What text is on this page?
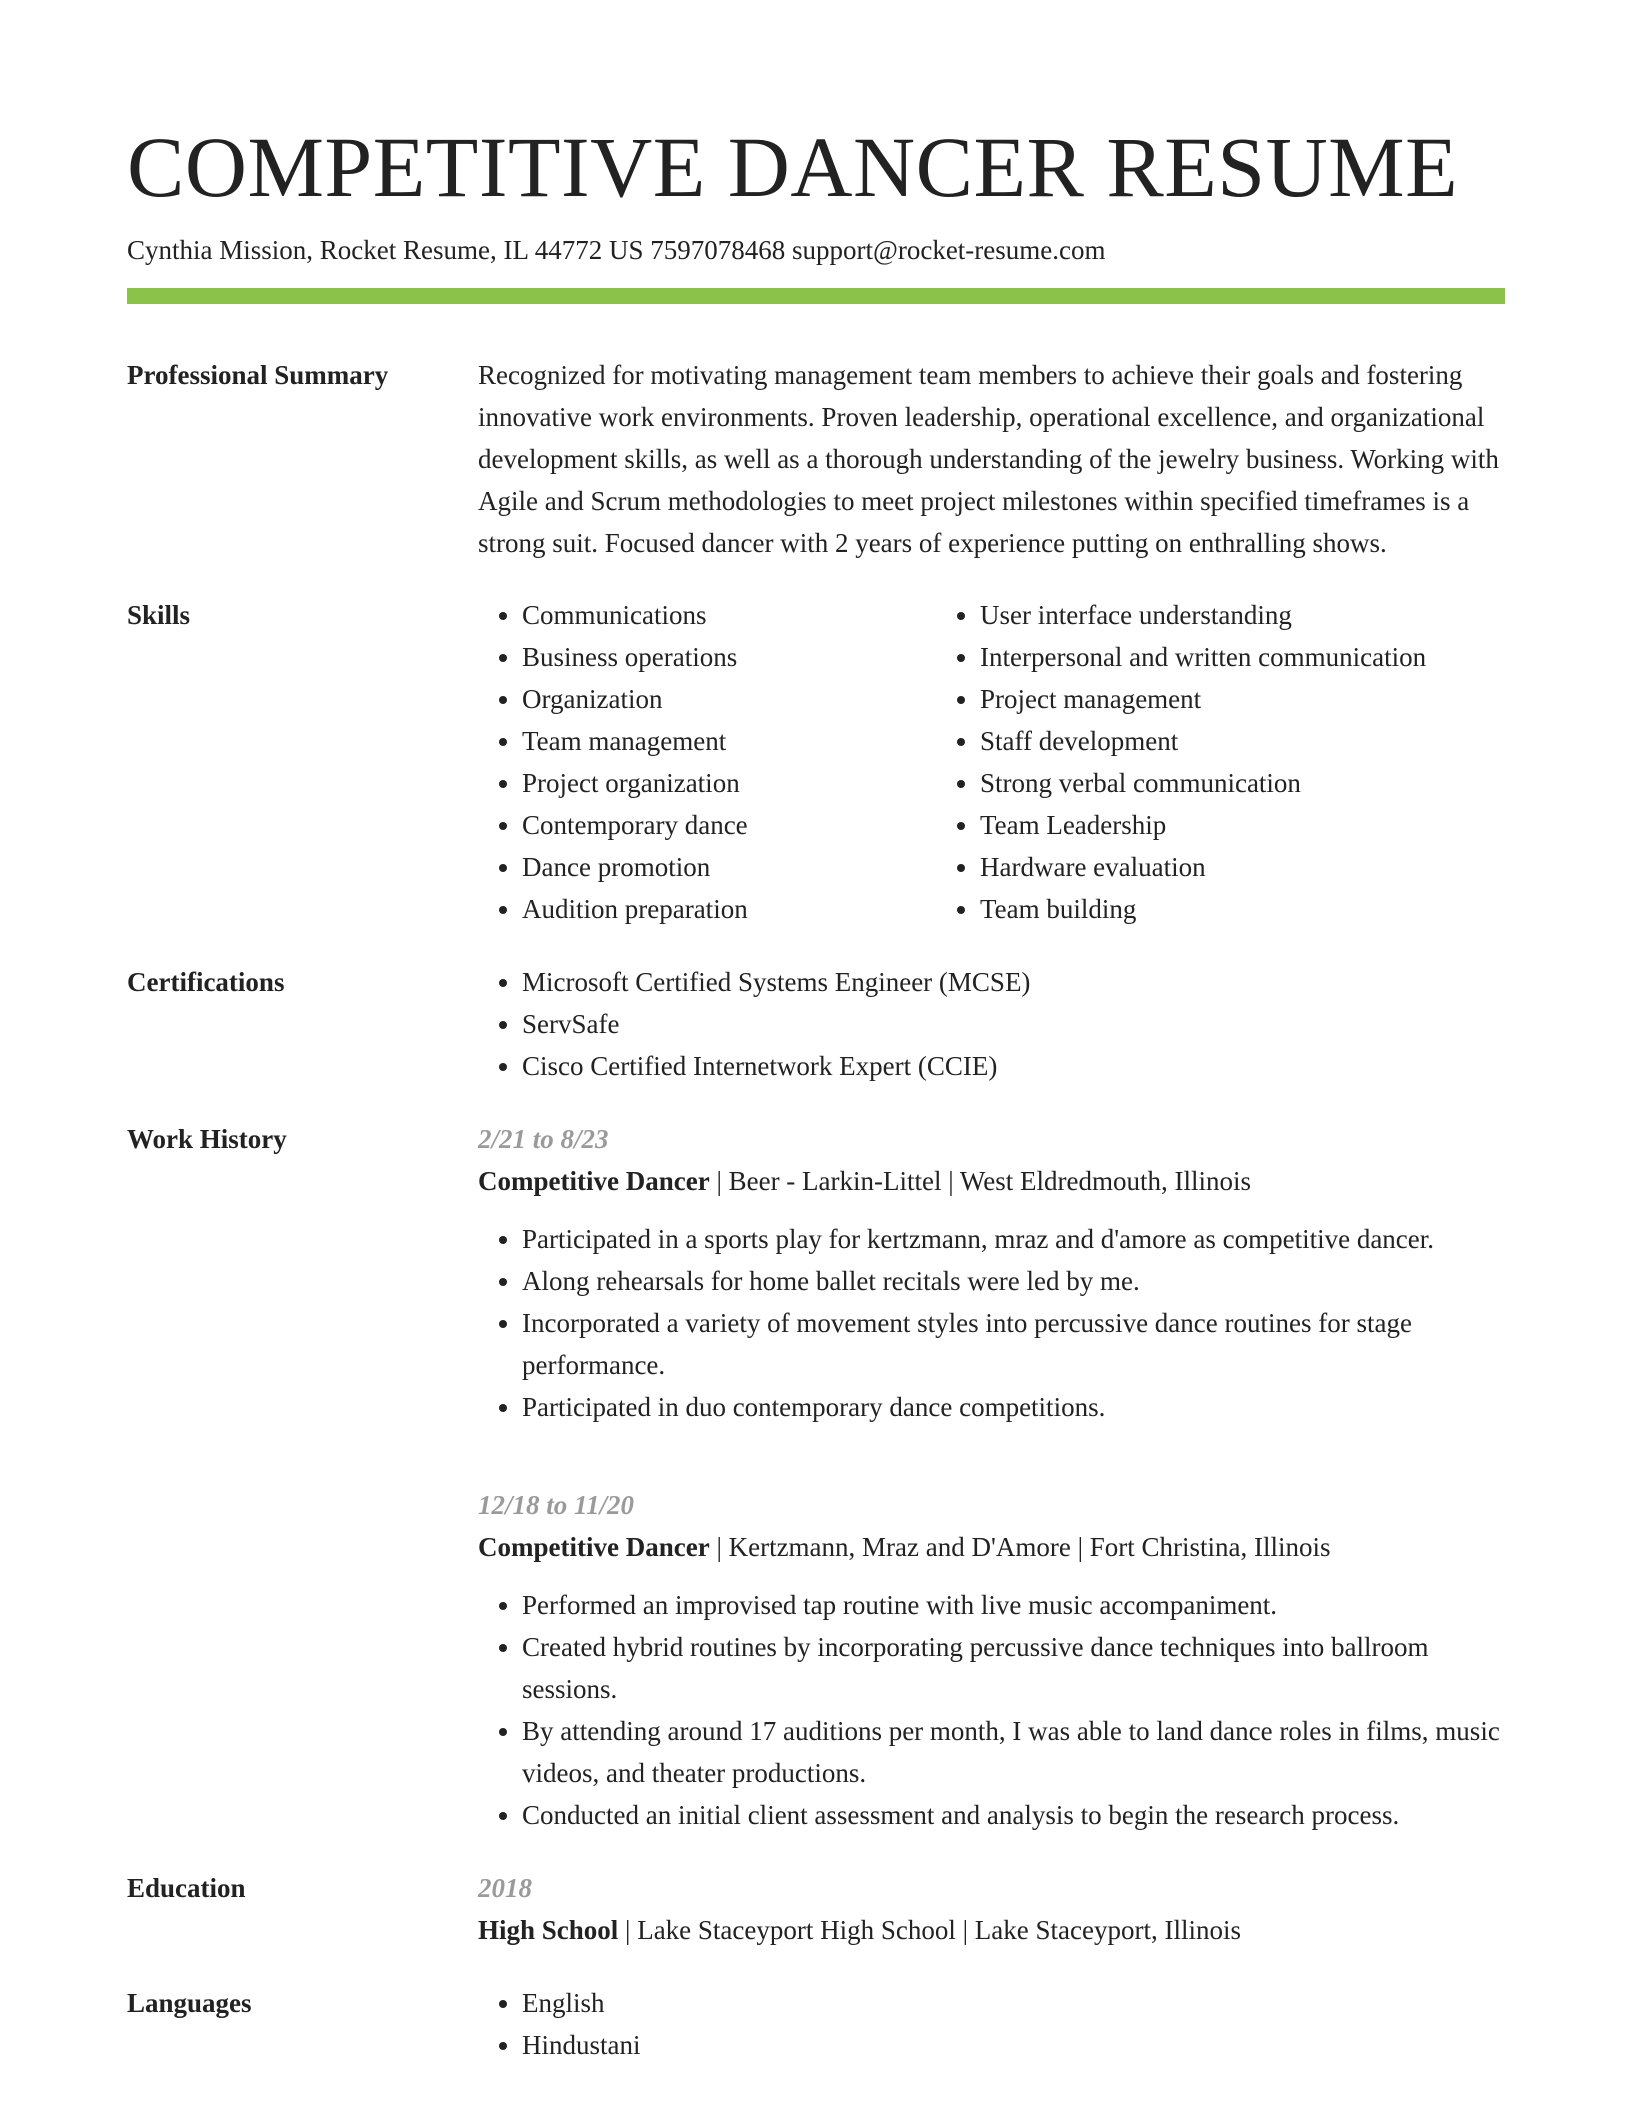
COMPETITIVE DANCER RESUME
Cynthia Mission, Rocket Resume, IL 44772 US 7597078468 support@rocket-resume.com
Professional Summary	Recognized for motivating management team members to achieve their goals and fostering innovative work environments. Proven leadership, operational excellence, and organizational development skills, as well as a thorough understanding of the jewelry business. Working with Agile and Scrum methodologies to meet project milestones within specified timeframes is a strong suit. Focused dancer with 2 years of experience putting on enthralling shows.

Skills	• Communications
• Business operations
• Organization
• Team management
• Project organization
• Contemporary dance
• Dance promotion
• Audition preparation
• User interface understanding
• Interpersonal and written communication
• Project management
• Staff development
• Strong verbal communication
• Team Leadership
• Hardware evaluation
• Team building
Certifications	• Microsoft Certified Systems Engineer (MCSE)
• ServSafe
• Cisco Certified Internetwork Expert (CCIE)
Work History	2/21 to 8/23
Competitive Dancer | Beer - Larkin-Littel | West Eldredmouth, Illinois
• Participated in a sports play for kertzmann, mraz and d'amore as competitive dancer.
• Along rehearsals for home ballet recitals were led by me.
• Incorporated a variety of movement styles into percussive dance routines for stage performance.
• Participated in duo contemporary dance competitions.
12/18 to 11/20
Competitive Dancer | Kertzmann, Mraz and D'Amore | Fort Christina, Illinois
• Performed an improvised tap routine with live music accompaniment.
• Created hybrid routines by incorporating percussive dance techniques into ballroom sessions.
• By attending around 17 auditions per month, I was able to land dance roles in films, music videos, and theater productions.
• Conducted an initial client assessment and analysis to begin the research process.
Education	2018
High School | Lake Staceyport High School | Lake Staceyport, Illinois
Languages	• English
• Hindustani
